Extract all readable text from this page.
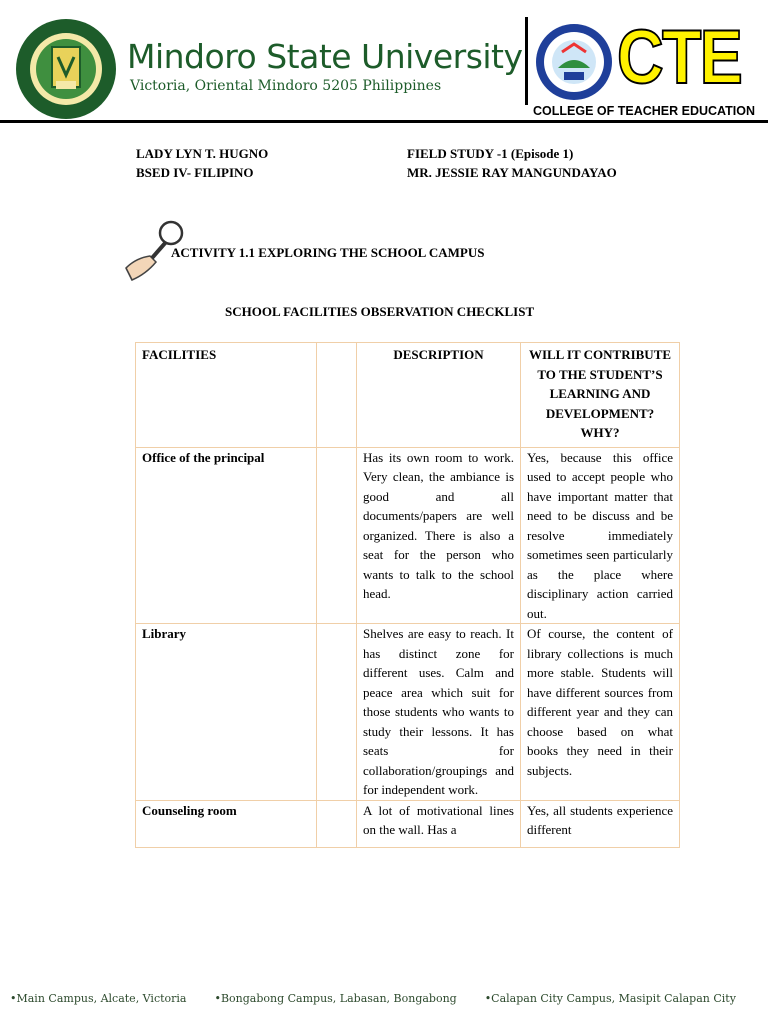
Mindoro State University
Victoria, Oriental Mindoro 5205 Philippines CTE
COLLEGE OF TEACHER EDUCATION
LADY LYN T. HUGNO
BSED IV- FILIPINO
FIELD STUDY -1 (Episode 1)
MR. JESSIE RAY MANGUNDAYAO
ACTIVITY 1.1 EXPLORING THE SCHOOL CAMPUS
SCHOOL FACILITIES OBSERVATION CHECKLIST
FACILITIES		DESCRIPTION	WILL IT CONTRIBUTE TO THE STUDENT’S LEARNING AND DEVELOPMENT? WHY?
Office of the principal		Has its own room to work. Very clean, the ambiance is good and all documents/papers are well organized. There is also a seat for the person who wants to talk to the school head.	Yes, because this office used to accept people who have important matter that need to be discuss and be resolve immediately sometimes seen particularly as the place where disciplinary action carried out.
Library		Shelves are easy to reach. It has distinct zone for different uses. Calm and peace area which suit for those students who wants to study their lessons. It has seats for collaboration/groupings and for independent work.	Of course, the content of library collections is much more stable. Students will have different sources from different year and they can choose based on what books they need in their subjects.

Counseling room		A lot of motivational lines on the wall. Has a	Yes, all students experience different
•Main Campus, Alcate, Victoria        •Bongabong Campus, Labasan, Bongabong        •Calapan City Campus, Masipit Calapan City
